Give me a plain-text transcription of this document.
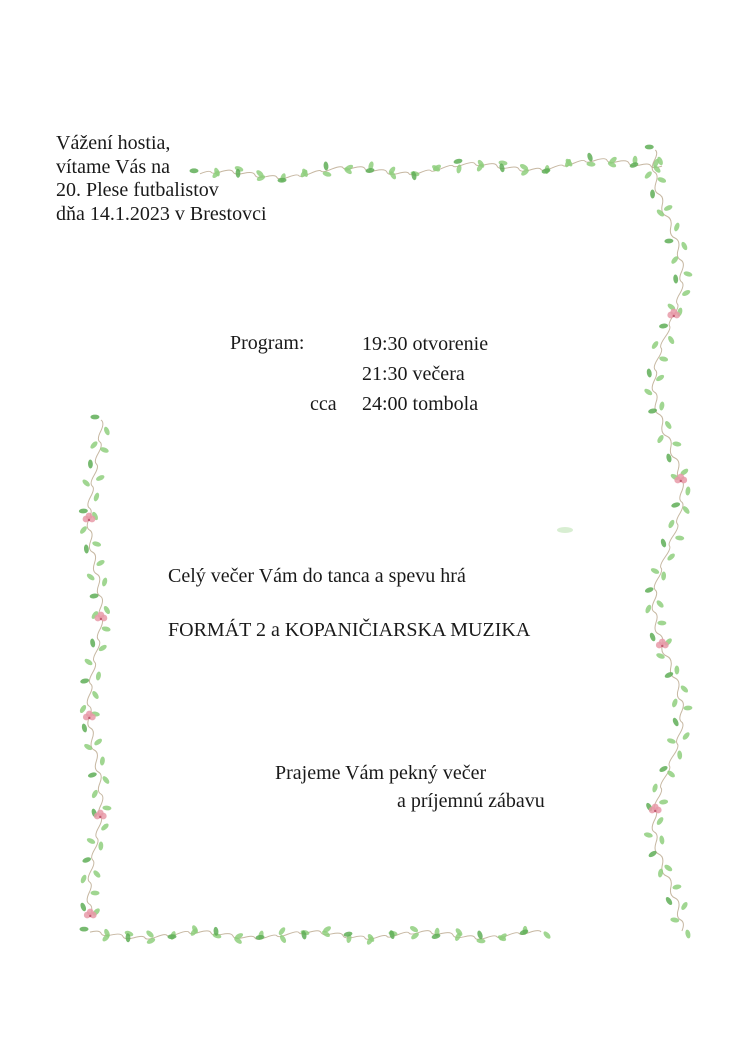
Vážení hostia,
vítame Vás na
20. Plese futbalistov
dňa 14.1.2023 v Brestovci
Program:	19:30 otvorenie
21:30 večera
cca 24:00 tombola
Celý večer Vám do tanca a spevu hrá
FORMÁT 2 a KOPANIČIARSKA MUZIKA
Prajeme Vám pekný večer
a príjemnú zábavu
